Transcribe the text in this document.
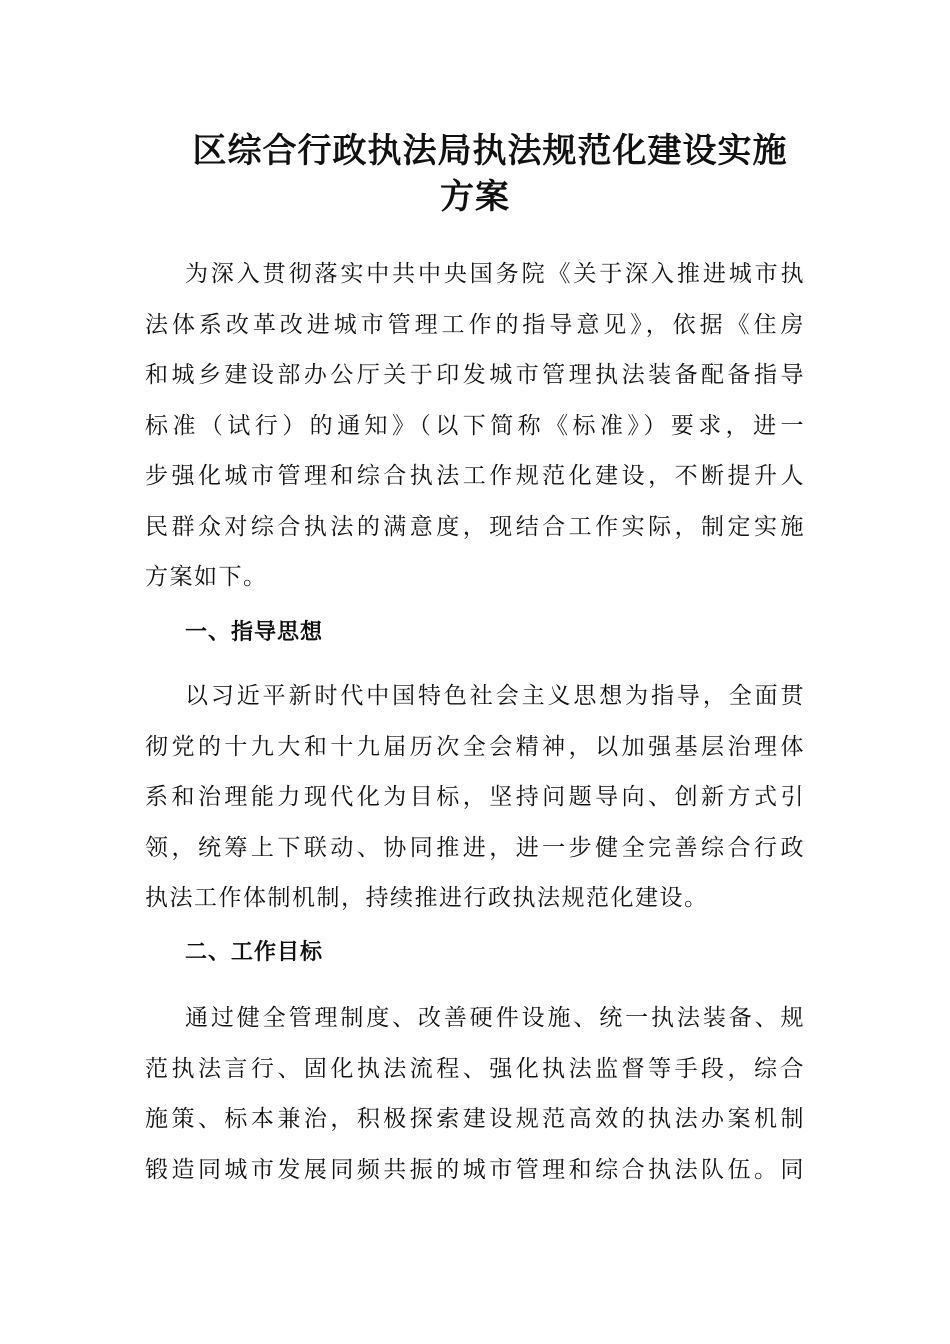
区综合行政执法局执法规范化建设实施
方案
为深入贯彻落实中共中央国务院《关于深入推进城市执
法体系改革改进城市管理工作的指导意见》，依据《住房
和城乡建设部办公厅关于印发城市管理执法装备配备指导
标准（试行）的通知》（以下简称《标准》）要求，进一
步强化城市管理和综合执法工作规范化建设，不断提升人
民群众对综合执法的满意度，现结合工作实际，制定实施
方案如下。
一、指导思想
以习近平新时代中国特色社会主义思想为指导，全面贯
彻党的十九大和十九届历次全会精神，以加强基层治理体
系和治理能力现代化为目标，坚持问题导向、创新方式引
领，统筹上下联动、协同推进，进一步健全完善综合行政
执法工作体制机制，持续推进行政执法规范化建设。
二、工作目标
通过健全管理制度、改善硬件设施、统一执法装备、规
范执法言行、固化执法流程、强化执法监督等手段，综合
施策、标本兼治，积极探索建设规范高效的执法办案机制
锻造同城市发展同频共振的城市管理和综合执法队伍。同
